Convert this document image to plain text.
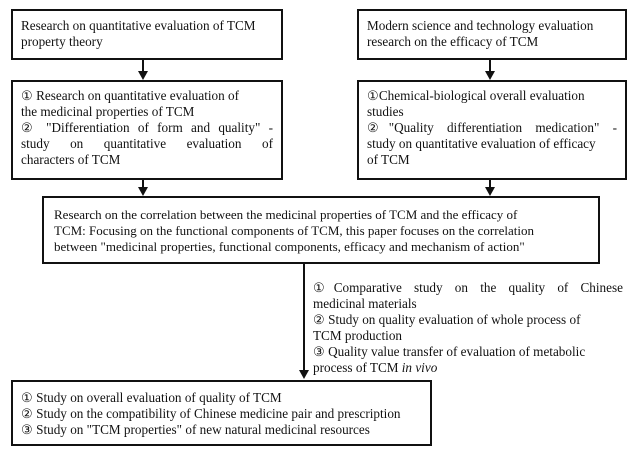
Research on quantitative evaluation of TCM
property theory
Modern science and technology evaluation
research on the efficacy of TCM
① Research on quantitative evaluation of
the medicinal properties of TCM
② "Differentiation of form and quality" -
study on quantitative evaluation of
characters of TCM
①Chemical-biological overall evaluation
studies
②"Quality differentiation medication" -
study on quantitative evaluation of efficacy
of TCM
Research on the correlation between the medicinal properties of TCM and the efficacy of
TCM: Focusing on the functional components of TCM, this paper focuses on the correlation
between "medicinal properties, functional components, efficacy and mechanism of action"
①Comparative study on the quality of Chinese
medicinal materials
② Study on quality evaluation of whole process of
TCM production
③ Quality value transfer of evaluation of metabolic
process of TCM in vivo
① Study on overall evaluation of quality of TCM
② Study on the compatibility of Chinese medicine pair and prescription
③ Study on "TCM properties" of new natural medicinal resources
